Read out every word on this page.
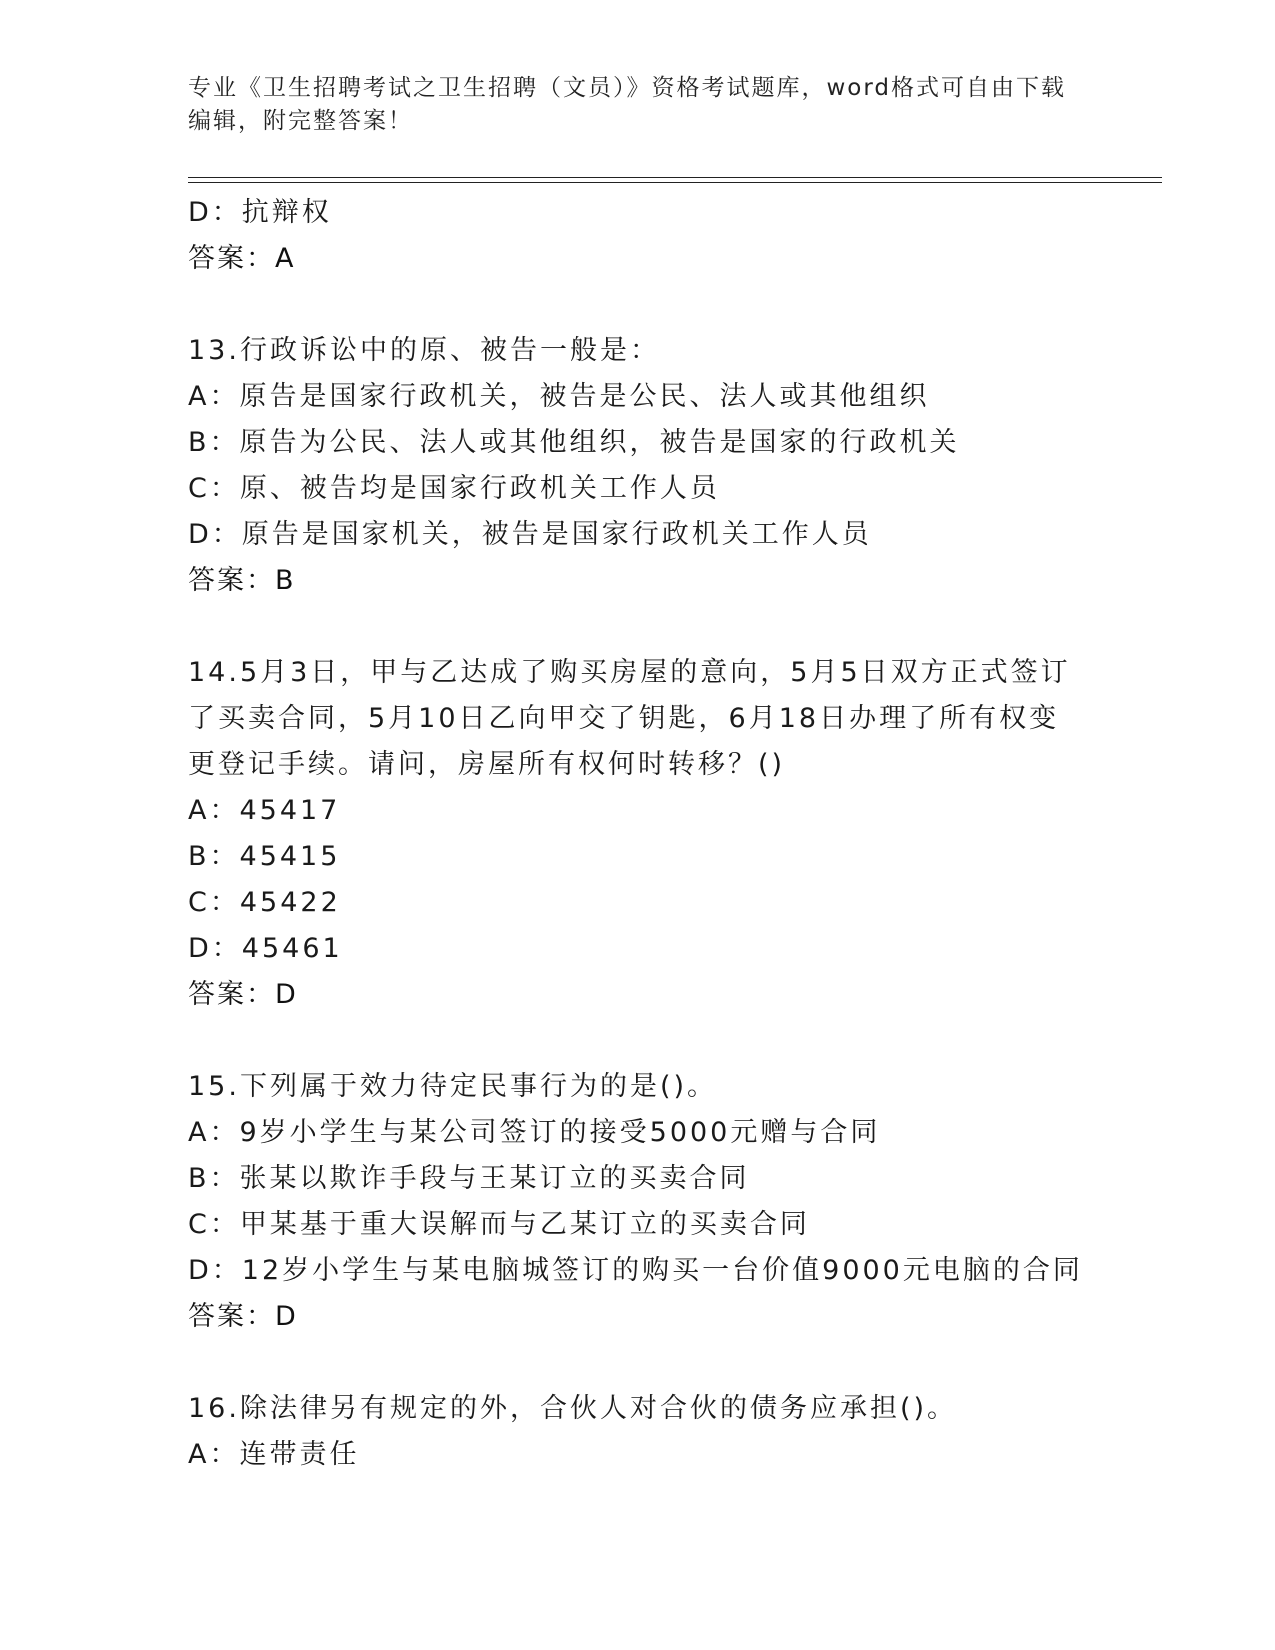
专业《卫生招聘考试之卫生招聘（文员）》资格考试题库，word格式可自由下载编辑，附完整答案！
D：抗辩权
答案：A
13.行政诉讼中的原、被告一般是：
A：原告是国家行政机关，被告是公民、法人或其他组织
B：原告为公民、法人或其他组织，被告是国家的行政机关
C：原、被告均是国家行政机关工作人员
D：原告是国家机关，被告是国家行政机关工作人员
答案：B
14.5月3日，甲与乙达成了购买房屋的意向，5月5日双方正式签订了买卖合同，5月10日乙向甲交了钥匙，6月18日办理了所有权变更登记手续。请问，房屋所有权何时转移？()
A：45417
B：45415
C：45422
D：45461
答案：D
15.下列属于效力待定民事行为的是()。
A：9岁小学生与某公司签订的接受5000元赠与合同
B：张某以欺诈手段与王某订立的买卖合同
C：甲某基于重大误解而与乙某订立的买卖合同
D：12岁小学生与某电脑城签订的购买一台价值9000元电脑的合同
答案：D
16.除法律另有规定的外，合伙人对合伙的债务应承担()。
A：连带责任
